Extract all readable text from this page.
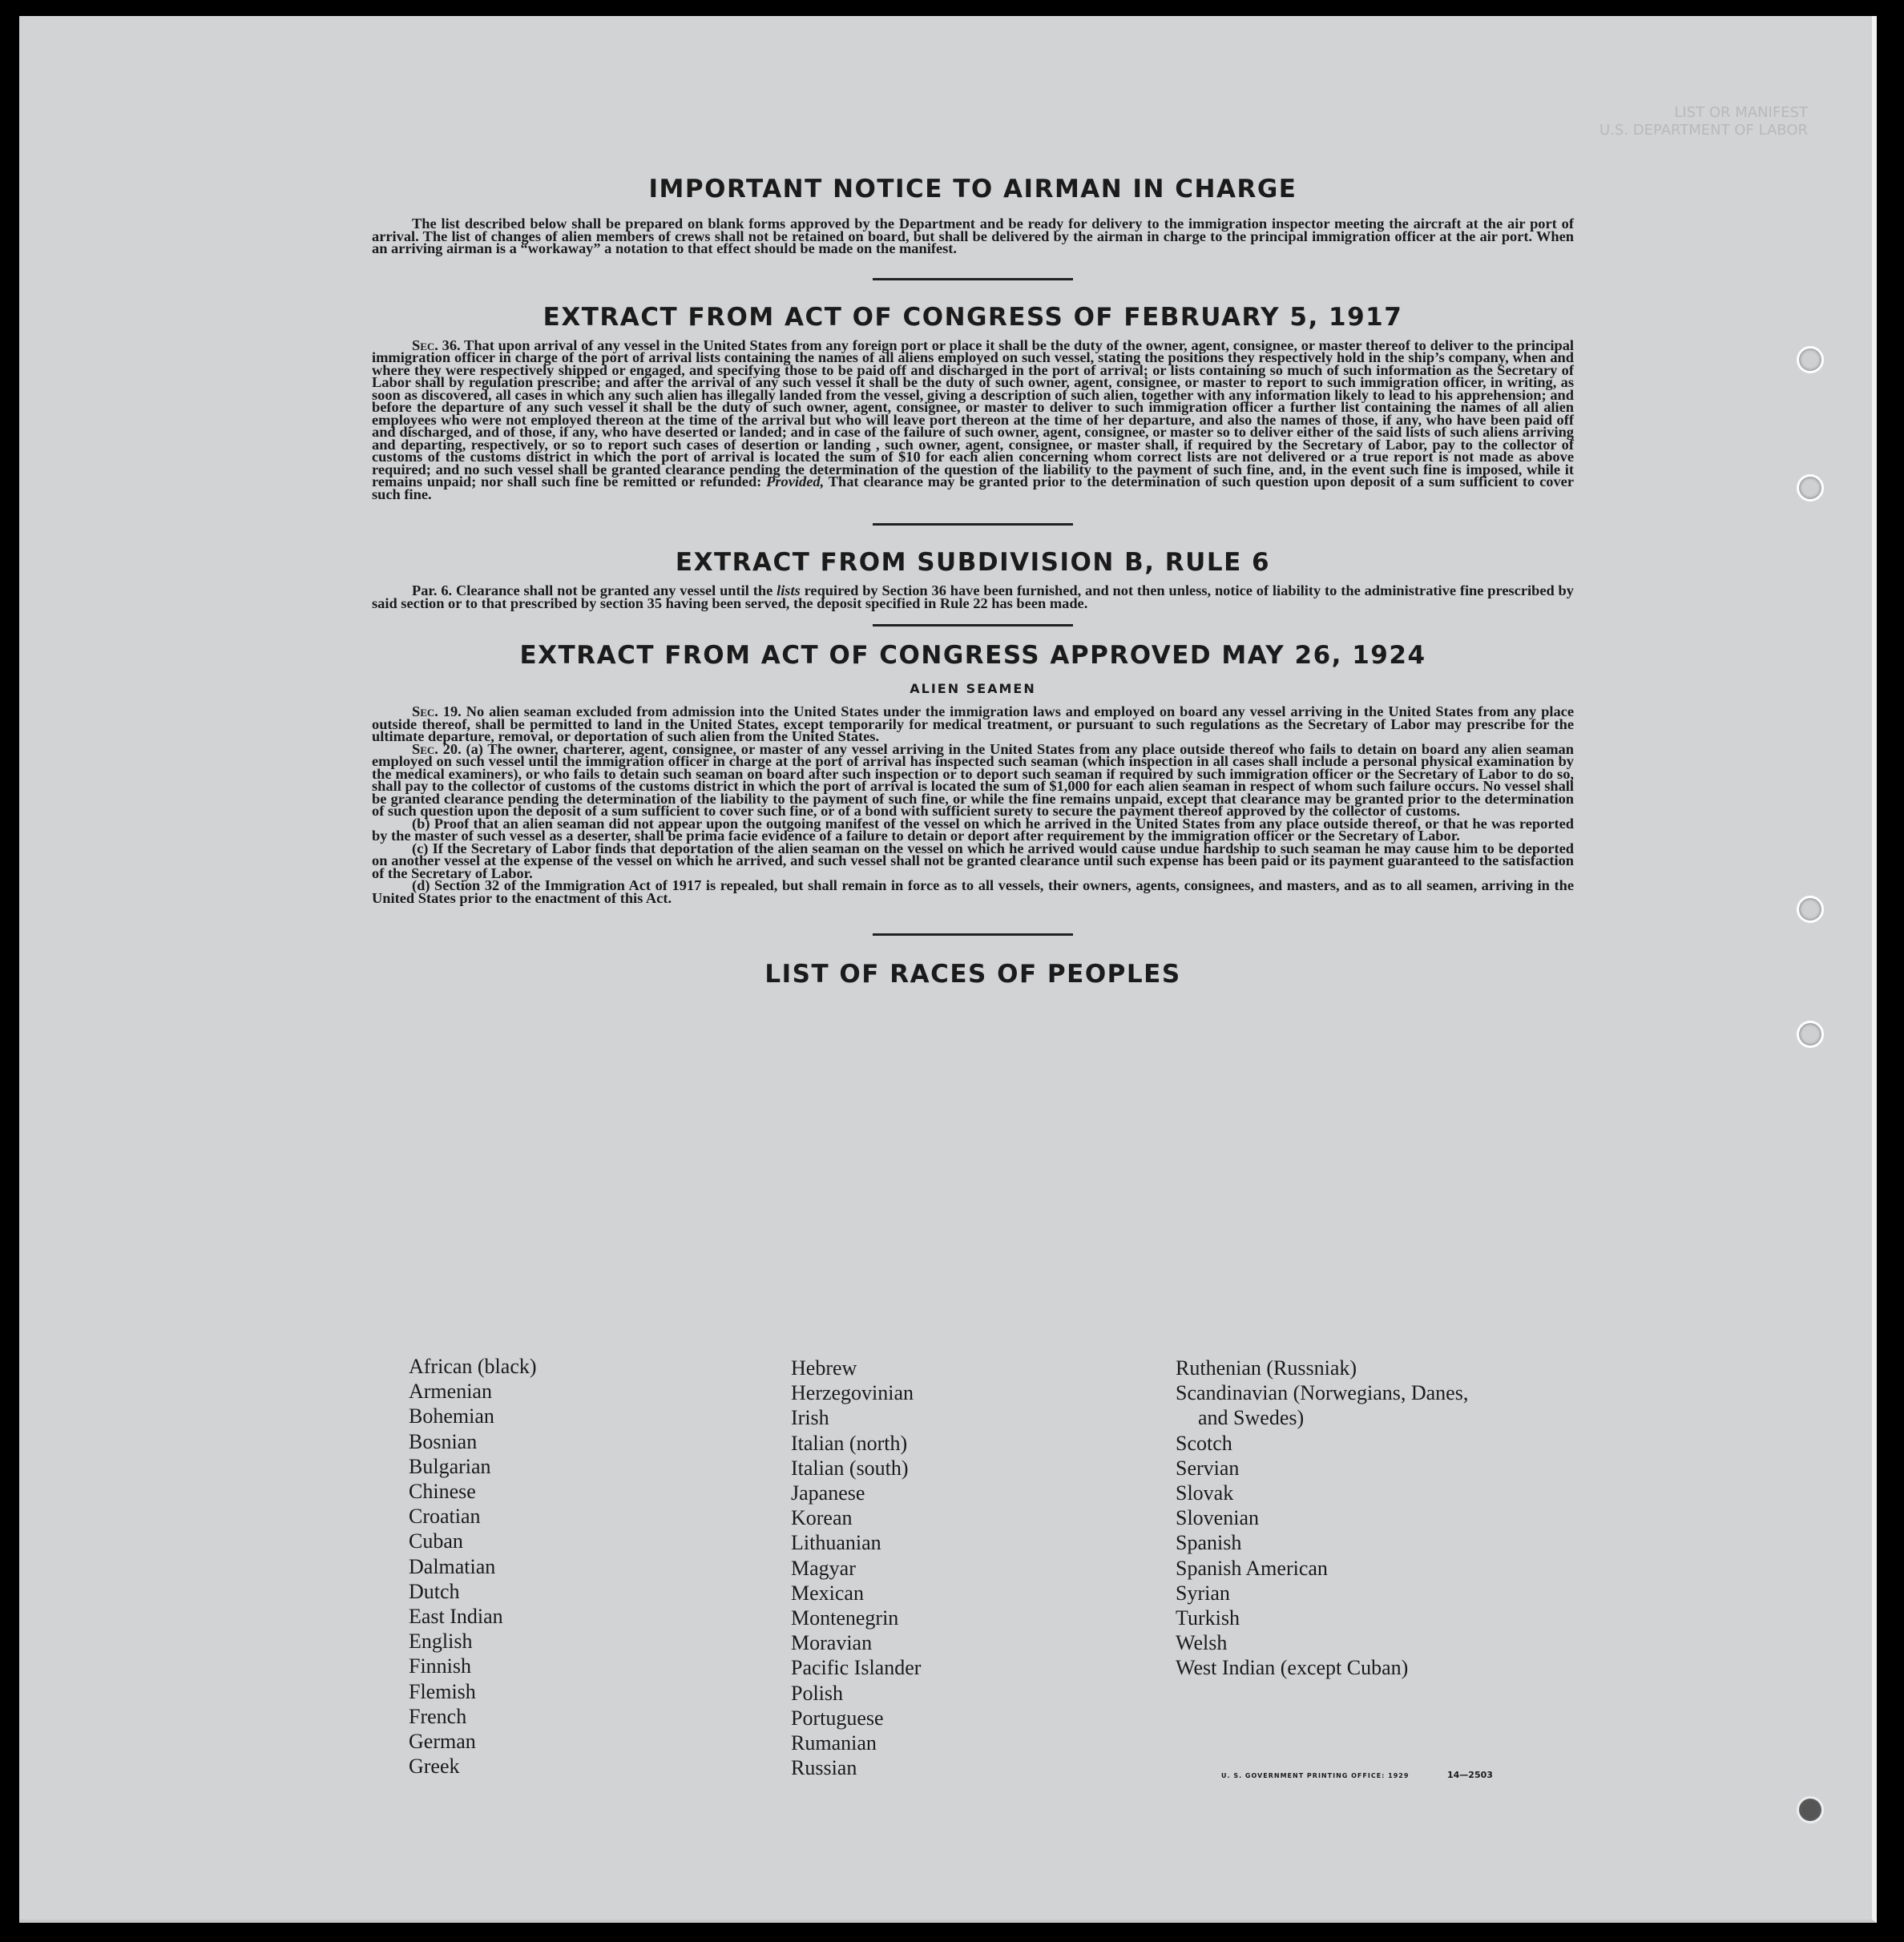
LIST OR MANIFEST
U.S. DEPARTMENT OF LABOR
IMPORTANT NOTICE TO AIRMAN IN CHARGE

The list described below shall be prepared on blank forms approved by the Department and be ready for delivery to the immigration inspector meeting the aircraft at the air port of arrival. The list of changes of alien members of crews shall not be retained on board, but shall be delivered by the airman in charge to the principal immigration officer at the air port. When an arriving airman is a “workaway” a notation to that effect should be made on the manifest.

EXTRACT FROM ACT OF CONGRESS OF FEBRUARY 5, 1917

Sec. 36. That upon arrival of any vessel in the United States from any foreign port or place it shall be the duty of the owner, agent, consignee, or master thereof to deliver to the principal immigration officer in charge of the port of arrival lists containing the names of all aliens employed on such vessel, stating the positions they respectively hold in the ship’s company, when and where they were respectively shipped or engaged, and specifying those to be paid off and discharged in the port of arrival; or lists containing so much of such information as the Secretary of Labor shall by regulation prescribe; and after the arrival of any such vessel it shall be the duty of such owner, agent, consignee, or master to report to such immigration officer, in writing, as soon as discovered, all cases in which any such alien has illegally landed from the vessel, giving a description of such alien, together with any information likely to lead to his apprehension; and before the departure of any such vessel it shall be the duty of such owner, agent, consignee, or master to deliver to such immigration officer a further list containing the names of all alien employees who were not employed thereon at the time of the arrival but who will leave port thereon at the time of her departure, and also the names of those, if any, who have been paid off and discharged, and of those, if any, who have deserted or landed; and in case of the failure of such owner, agent, consignee, or master so to deliver either of the said lists of such aliens arriving and departing, respectively, or so to report such cases of desertion or landing , such owner, agent, consignee, or master shall, if required by the Secretary of Labor, pay to the collector of customs of the customs district in which the port of arrival is located the sum of $10 for each alien concerning whom correct lists are not delivered or a true report is not made as above required; and no such vessel shall be granted clearance pending the determination of the question of the liability to the payment of such fine, and, in the event such fine is imposed, while it remains unpaid; nor shall such fine be remitted or refunded: Provided, That clearance may be granted prior to the determination of such question upon deposit of a sum sufficient to cover such fine.

EXTRACT FROM SUBDIVISION B, RULE 6

Par. 6. Clearance shall not be granted any vessel until the lists required by Section 36 have been furnished, and not then unless, notice of liability to the administrative fine prescribed by said section or to that prescribed by section 35 having been served, the deposit specified in Rule 22 has been made.

EXTRACT FROM ACT OF CONGRESS APPROVED MAY 26, 1924
ALIEN SEAMEN

Sec. 19. No alien seaman excluded from admission into the United States under the immigration laws and employed on board any vessel arriving in the United States from any place outside thereof, shall be permitted to land in the United States, except temporarily for medical treatment, or pursuant to such regulations as the Secretary of Labor may prescribe for the ultimate departure, removal, or deportation of such alien from the United States.

Sec. 20. (a) The owner, charterer, agent, consignee, or master of any vessel arriving in the United States from any place outside thereof who fails to detain on board any alien seaman employed on such vessel until the immigration officer in charge at the port of arrival has inspected such seaman (which inspection in all cases shall include a personal physical examination by the medical examiners), or who fails to detain such seaman on board after such inspection or to deport such seaman if required by such immigration officer or the Secretary of Labor to do so, shall pay to the collector of customs of the customs district in which the port of arrival is located the sum of $1,000 for each alien seaman in respect of whom such failure occurs. No vessel shall be granted clearance pending the determination of the liability to the payment of such fine, or while the fine remains unpaid, except that clearance may be granted prior to the determination of such question upon the deposit of a sum sufficient to cover such fine, or of a bond with sufficient surety to secure the payment thereof approved by the collector of customs.

(b) Proof that an alien seaman did not appear upon the outgoing manifest of the vessel on which he arrived in the United States from any place outside thereof, or that he was reported by the master of such vessel as a deserter, shall be prima facie evidence of a failure to detain or deport after requirement by the immigration officer or the Secretary of Labor.

(c) If the Secretary of Labor finds that deportation of the alien seaman on the vessel on which he arrived would cause undue hardship to such seaman he may cause him to be deported on another vessel at the expense of the vessel on which he arrived, and such vessel shall not be granted clearance until such expense has been paid or its payment guaranteed to the satisfaction of the Secretary of Labor.

(d) Section 32 of the Immigration Act of 1917 is repealed, but shall remain in force as to all vessels, their owners, agents, consignees, and masters, and as to all seamen, arriving in the United States prior to the enactment of this Act.

LIST OF RACES OF PEOPLES
African (black)
Armenian
Bohemian
Bosnian
Bulgarian
Chinese
Croatian
Cuban
Dalmatian
Dutch
East Indian
English
Finnish
Flemish
French
German
Greek
Hebrew
Herzegovinian
Irish
Italian (north)
Italian (south)
Japanese
Korean
Lithuanian
Magyar
Mexican
Montenegrin
Moravian
Pacific Islander
Polish
Portuguese
Rumanian
Russian
Ruthenian (Russniak)
Scandinavian (Norwegians, Danes,
and Swedes)
Scotch
Servian
Slovak
Slovenian
Spanish
Spanish American
Syrian
Turkish
Welsh
West Indian (except Cuban)
U. S. GOVERNMENT PRINTING OFFICE: 1929	14—2503
